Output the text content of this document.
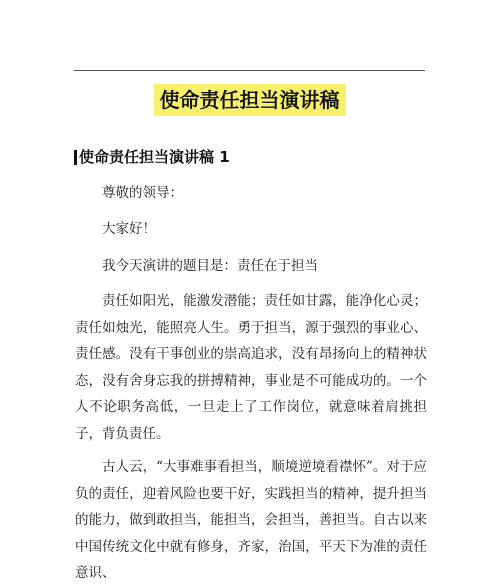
使命责任担当演讲稿
使命责任担当演讲稿 1

尊敬的领导：

大家好！

我今天演讲的题目是：责任在于担当

责任如阳光，能激发潜能；责任如甘露，能净化心灵；责任如烛光，能照亮人生。勇于担当，源于强烈的事业心、责任感。没有干事创业的崇高追求，没有昂扬向上的精神状态，没有舍身忘我的拼搏精神，事业是不可能成功的。一个人不论职务高低，一旦走上了工作岗位，就意味着肩挑担子，背负责任。

古人云，“大事难事看担当，顺境逆境看襟怀”。对于应负的责任，迎着风险也要干好，实践担当的精神，提升担当的能力，做到敢担当，能担当，会担当，善担当。自古以来中国传统文化中就有修身，齐家，治国，平天下为准的责任意识、
